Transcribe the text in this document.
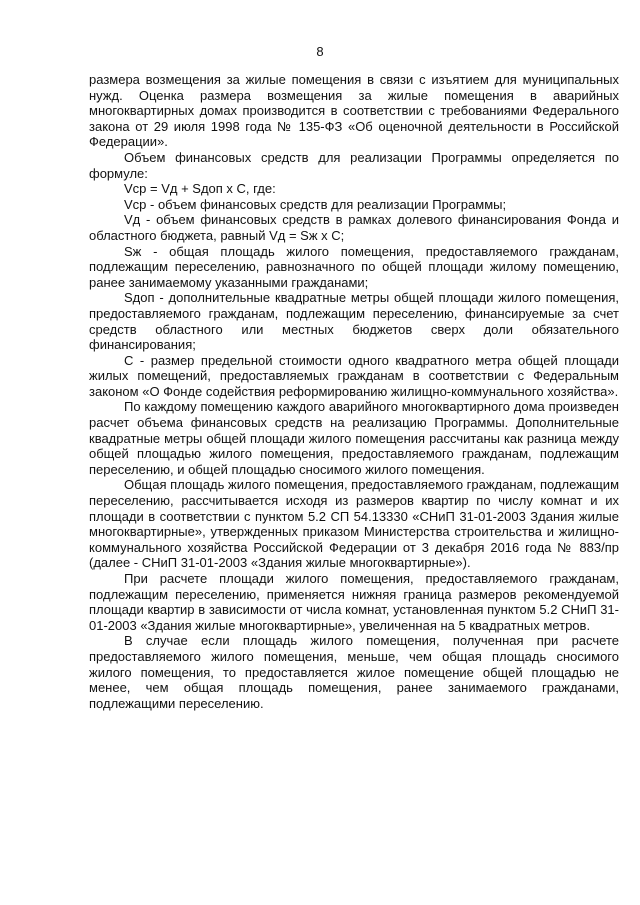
8

размера возмещения за жилые помещения в связи с изъятием для муниципальных нужд. Оценка размера возмещения за жилые помещения в аварийных многоквартирных домах производится в соответствии с требованиями Федерального закона от 29 июля 1998 года № 135-ФЗ «Об оценочной деятельности в Российской Федерации».

Объем финансовых средств для реализации Программы определяется по формуле:

Vср = Vд + Sдоп x С, где:

Vср - объем финансовых средств для реализации Программы;

Vд - объем финансовых средств в рамках долевого финансирования Фонда и областного бюджета, равный Vд = Sж x С;

Sж - общая площадь жилого помещения, предоставляемого гражданам, подлежащим переселению, равнозначного по общей площади жилому помещению, ранее занимаемому указанными гражданами;

Sдоп - дополнительные квадратные метры общей площади жилого помещения, предоставляемого гражданам, подлежащим переселению, финансируемые за счет средств областного или местных бюджетов сверх доли обязательного финансирования;

С - размер предельной стоимости одного квадратного метра общей площади жилых помещений, предоставляемых гражданам в соответствии с Федеральным законом «О Фонде содействия реформированию жилищно-коммунального хозяйства».

По каждому помещению каждого аварийного многоквартирного дома произведен расчет объема финансовых средств на реализацию Программы. Дополнительные квадратные метры общей площади жилого помещения рассчитаны как разница между общей площадью жилого помещения, предоставляемого гражданам, подлежащим переселению, и общей площадью сносимого жилого помещения.

Общая площадь жилого помещения, предоставляемого гражданам, подлежащим переселению, рассчитывается исходя из размеров квартир по числу комнат и их площади в соответствии с пунктом 5.2 СП 54.13330 «СНиП 31-01-2003 Здания жилые многоквартирные», утвержденных приказом Министерства строительства и жилищно-коммунального хозяйства Российской Федерации от 3 декабря 2016 года № 883/пр (далее - СНиП 31-01-2003 «Здания жилые многоквартирные»).

При расчете площади жилого помещения, предоставляемого гражданам, подлежащим переселению, применяется нижняя граница размеров рекомендуемой площади квартир в зависимости от числа комнат, установленная пунктом 5.2 СНиП 31-01-2003 «Здания жилые многоквартирные», увеличенная на 5 квадратных метров.

В случае если площадь жилого помещения, полученная при расчете предоставляемого жилого помещения, меньше, чем общая площадь сносимого жилого помещения, то предоставляется жилое помещение общей площадью не менее, чем общая площадь помещения, ранее занимаемого гражданами, подлежащими переселению.
